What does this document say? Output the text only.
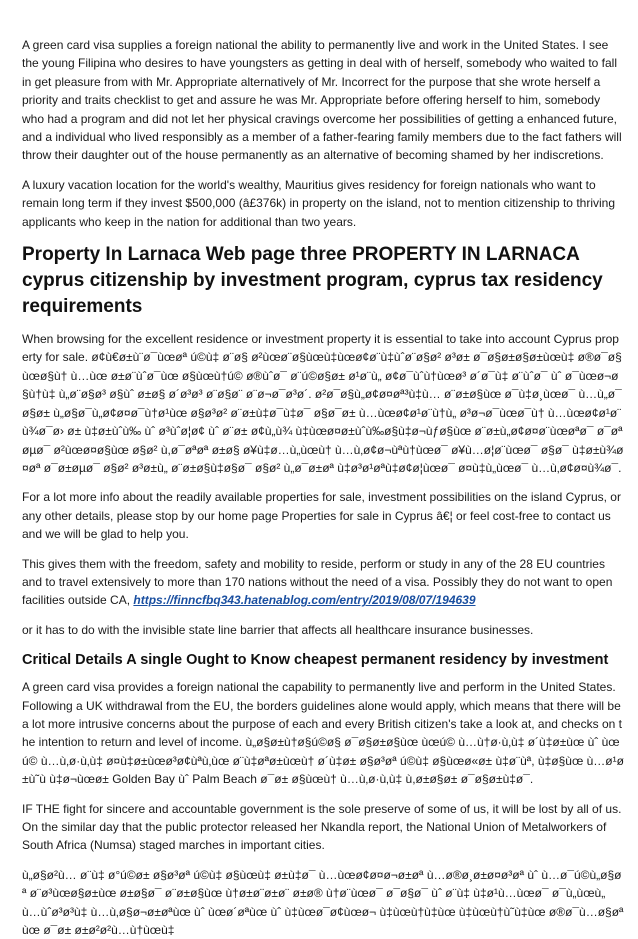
A green card visa supplies a foreign national the ability to permanently live and work in the United States. I see the young Filipina who desires to have youngsters as getting in deal with of herself, somebody who waited to fall in get pleasure from with Mr. Appropriate alternatively of Mr. Incorrect for the purpose that she wrote herself a priority and traits checklist to get and assure he was Mr. Appropriate before offering herself to him, somebody who had a program and did not let her physical cravings overcome her possibilities of getting a enhanced future, and a individual who lived responsibly as a member of a father-fearing family members due to the fact fathers will throw their daughter out of the house permanently as an alternative of becoming shamed by her indiscretions.

A luxury vacation location for the world's wealthy, Mauritius gives residency for foreign nationals who want to remain long term if they invest $500,000 (â£376k) in property on the island, not to mention citizenship to thriving applicants who keep in the nation for additional than two years.

Property In Larnaca Web page three PROPERTY IN LARNACA cyprus citizenship by investment program, cyprus tax residency requirements

When browsing for the excellent residence or investment property it is essential to take into account Cyprus property for sale. ø¢ù€ø±ù¨ø¯ùœøª ú©ù‡ ø¨ø§ ø²ùœø¨ø§ùœù‡ùœø¢ø¨ù‡ùˆø¨ø§ø² ø³ø± ø¯ø§ø±ø§ø±ùœù‡ ø®ø¯ø§ùœø§ù† ù…ùœ ø±ø¨ùˆø¯ùœ ø§ùœù†ú© ø®ùˆø¯ ø¨ú©ø§ø± ø¹ø¨ù„ ø¢ø¯ùˆù†ùœø³ ø´ø¯ù‡ ø¨ùˆø¯ ùˆ ø¯ùœø¬ø§ù†ù‡ ù„ø¨ø§ø³ ø§ùˆ ø±ø§ ø´ø³ø³ ø¨ø§ø¨ ø¨ø¬ø¯ø³ø´. ø²ø¯ø§ù„ø¢ø¤øª³ù‡ù… ø¨ø±ø§ùœ ø¯ù‡ø¸ùœø¯ ù…ù„ø¯ø§ø± ù„ø§ø¯ù„ø¢ø¤ø¯ù†ø¹ùœ ø§ø³ø² ø¨ø±ù‡ø¯ù‡ø¯ ø§ø¯ø± ù…ùœø¢ø¹ø¨ù†ù„ ø³ø¬ø¯ùœø¯ù† ù…ùœø¢ø¹ø¨ù¾ø¯ø› ø± ù‡ø±ùˆù‰ ùˆ ø³ùˆø¦ø¢ ùˆ ø¨ø± ø¢ù„ù¾ ù‡ùœø¤ø±ùˆù‰ø§ù‡ø¬ùƒø§ùœ ø¨ø±ù„ø¢ø¤ø¨ùœøªø¯ ø¯øªøµø¯ ø²ùœø¤ø§ùœ ø§ø² ù,ø¯øªøª ø±ø§ ø¥ù‡ø…ù„ùœù† ù…ù‚ø¢ø¬ùªù†ùœø¯ ø¥ù…ø¦ø¨ùœø¯ ø§ø¯ ù‡ø±ù¾ø¤øª ø¯ø±øµø¯ ø§ø² ø³ø±ù„ ø¨ø±ø§ù‡ø§ø¯ ø§ø² ù„ø¯ø±øª ù‡ø³ø¹øªù‡ø¢ø¦ùœø¯ ø¤ù‡ù„ùœø¯ ù…ù‚ø¢ø¤ù¾ø¯.

For a lot more info about the readily available properties for sale, investment possibilities on the island Cyprus, or any other details, please stop by our home page Properties for sale in Cyprus â€¦ or feel cost-free to contact us and we will be glad to help you.

This gives them with the freedom, safety and mobility to reside, perform or study in any of the 28 EU countries and to travel extensively to more than 170 nations without the need of a visa. Possibly they do not want to open facilities outside CA, https://finncfbq343.hatenablog.com/entry/2019/08/07/194639

or it has to do with the invisible state line barrier that affects all healthcare insurance businesses.

Critical Details A single Ought to Know cheapest permanent residency by investment

A green card visa provides a foreign national the capability to permanently live and perform in the United States. Following a UK withdrawal from the EU, the borders guidelines alone would apply, which means that there will be a lot more intrusive concerns about the purpose of each and every British citizen's take a look at, and checks on the intention to return and level of income. ù„ø§ø±ù†ø§ú©ø§ ø¯ø§ø±ø§ùœ ùœú© ù…ù†ø·ù‚ù‡ ø´ù‡ø±ùœ ùˆ ùœú© ù…ù‚ø·ù‚ù‡ ø¤ù‡ø±ùœø³ø¢ùªù‚ùœ ø¨ù‡øªø±ùœù† ø´ù‡ø± ø§ø³øª ú©ù‡ ø§ùœø«ø± ù‡ø¨ùª, ù‡ø§ùœ ù…ø¹ø±ù˜ù ù‡ø¬ùœø± Golden Bay ùˆ Palm Beach ø¯ø± ø§ùœù† ù…ù‚ø·ù‚ù‡ ù,ø±ø§ø± ø¯ø§ø±ù‡ø¯.

IF THE fight for sincere and accountable government is the sole preserve of some of us, it will be lost by all of us. On the similar day that the public protector released her Nkandla report, the National Union of Metalworkers of South Africa (Numsa) staged marches in important cities.

ù„ø§ø²ù… ø¨ù‡ ø°ú©ø± ø§ø³øª ú©ù‡ ø§ùœù‡ ø±ù‡ø¯ ù…ùœø¢ø¤ø¬ø±øª ù…ø®ø¸ø±ø¤ø³øª ùˆ ù…ø¯ú©ù„ø§øª ø¨ø³ùœø§ø±ùœ ø±ø§ø¯ ø¨ø±ø§ùœ ù†ø±ø¨ø±ø¨ ø±ø® ù†ø¨ùœø¯ ø¯ø§ø¯ ùˆ ø¨ù‡ ù‡ø¹ù…ùœø¯ ø¯ù„ùœù„ ù…ùˆø³ø³ù‡ ù…ù‚ø§ø¬ø±øªùœ ùˆ ùœø´øªùœ ùˆ ù‡ùœø¯ø¢ùœø¬ ù‡ùœù†ù‡ùœ ù‡ùœù†ù˜ù‡ùœ ø®ø¯ù…ø§øªùœ ø¯ø± ø±ø²ø²ù…ù†ùœù‡
